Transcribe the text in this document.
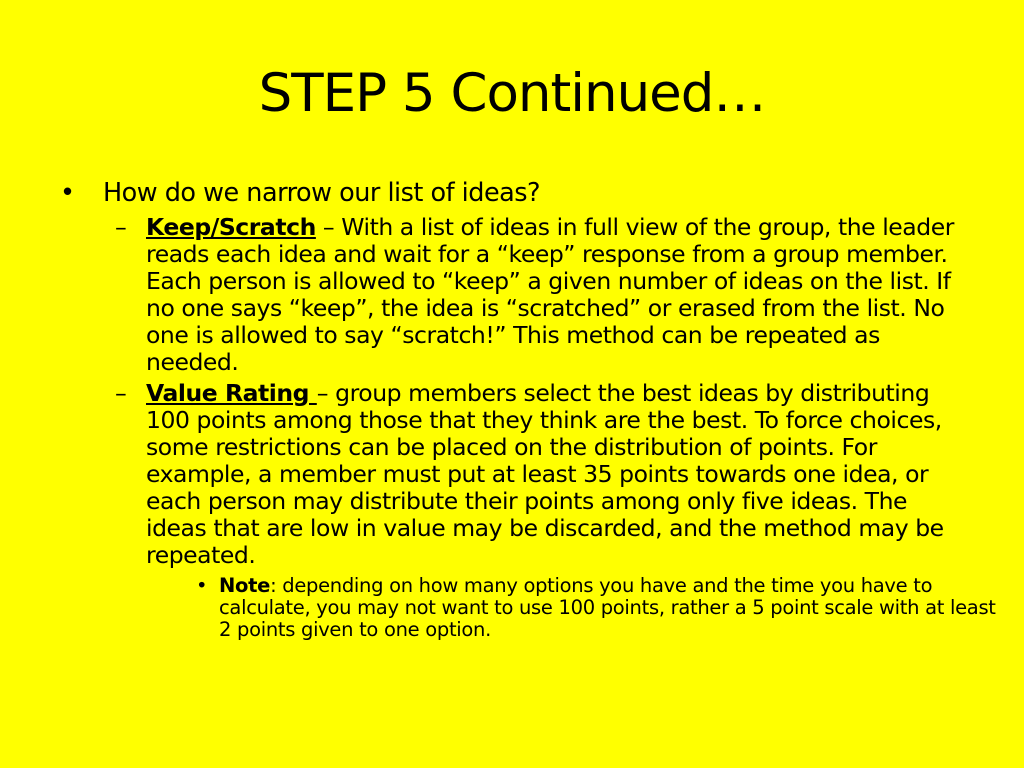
STEP 5 Continued…
• How do we narrow our list of ideas?
– Keep/Scratch – With a list of ideas in full view of the group, the leader reads each idea and wait for a “keep” response from a group member. Each person is allowed to “keep” a given number of ideas on the list. If no one says “keep”, the idea is “scratched” or erased from the list. No one is allowed to say “scratch!” This method can be repeated as needed.
– Value Rating – group members select the best ideas by distributing 100 points among those that they think are the best. To force choices, some restrictions can be placed on the distribution of points. For example, a member must put at least 35 points towards one idea, or each person may distribute their points among only five ideas. The ideas that are low in value may be discarded, and the method may be repeated.
• Note: depending on how many options you have and the time you have to calculate, you may not want to use 100 points, rather a 5 point scale with at least 2 points given to one option.
